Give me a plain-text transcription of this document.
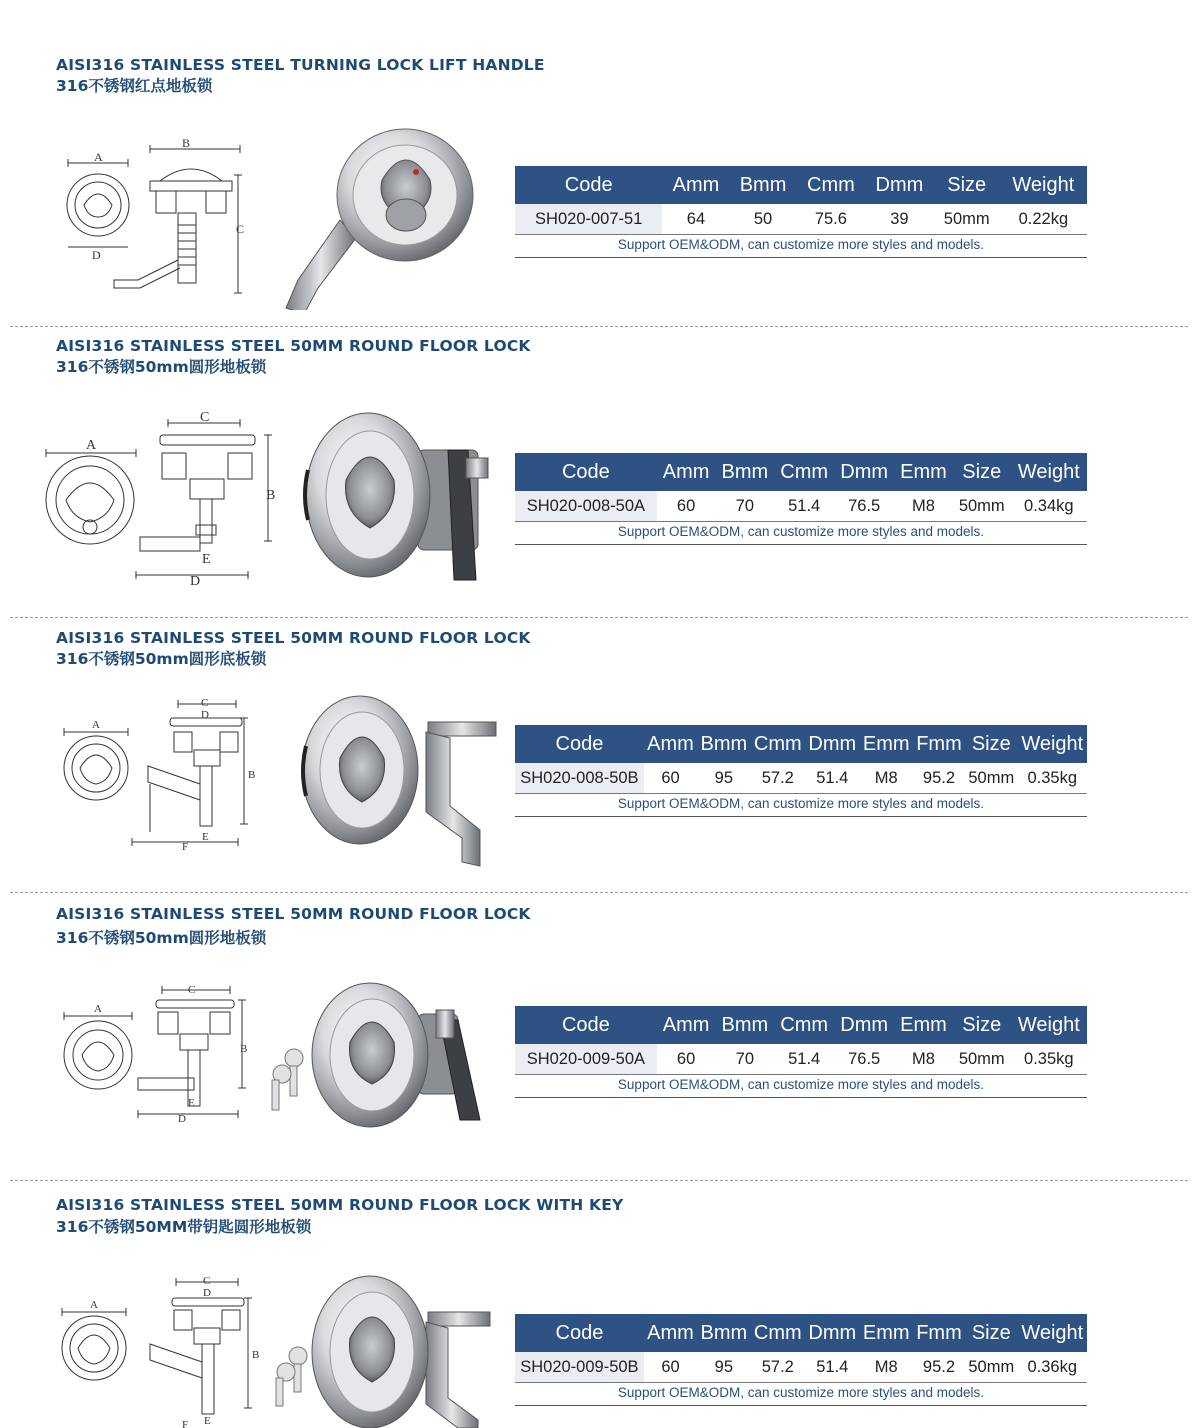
AISI316 STAINLESS STEEL TURNING LOCK LIFT HANDLE
316不锈钢红点地板锁
A
B
C
D
Code	Amm	Bmm	Cmm	Dmm	Size	Weight
SH020-007-51	64	50	75.6	39	50mm	0.22kg
Support OEM&ODM, can customize more styles and models.
AISI316 STAINLESS STEEL 50MM ROUND FLOOR LOCK
316不锈钢50mm圆形地板锁
A
B
C
D
E
Code	Amm	Bmm	Cmm	Dmm	Emm	Size	Weight
SH020-008-50A	60	70	51.4	76.5	M8	50mm	0.34kg
Support OEM&ODM, can customize more styles and models.
AISI316 STAINLESS STEEL 50MM ROUND FLOOR LOCK
316不锈钢50mm圆形底板锁
A
B
C
D
E
F
Code	Amm	Bmm	Cmm	Dmm	Emm	Fmm	Size	Weight
SH020-008-50B	60	95	57.2	51.4	M8	95.2	50mm	0.35kg
Support OEM&ODM, can customize more styles and models.
AISI316 STAINLESS STEEL 50MM ROUND FLOOR LOCK
316不锈钢50mm圆形地板锁
A
B
C
D
E
Code	Amm	Bmm	Cmm	Dmm	Emm	Size	Weight
SH020-009-50A	60	70	51.4	76.5	M8	50mm	0.35kg
Support OEM&ODM, can customize more styles and models.
AISI316 STAINLESS STEEL 50MM ROUND FLOOR LOCK WITH KEY
316不锈钢50MM带钥匙圆形地板锁
A
B
C
D
E
F
Code	Amm	Bmm	Cmm	Dmm	Emm	Fmm	Size	Weight
SH020-009-50B	60	95	57.2	51.4	M8	95.2	50mm	0.36kg
Support OEM&ODM, can customize more styles and models.
